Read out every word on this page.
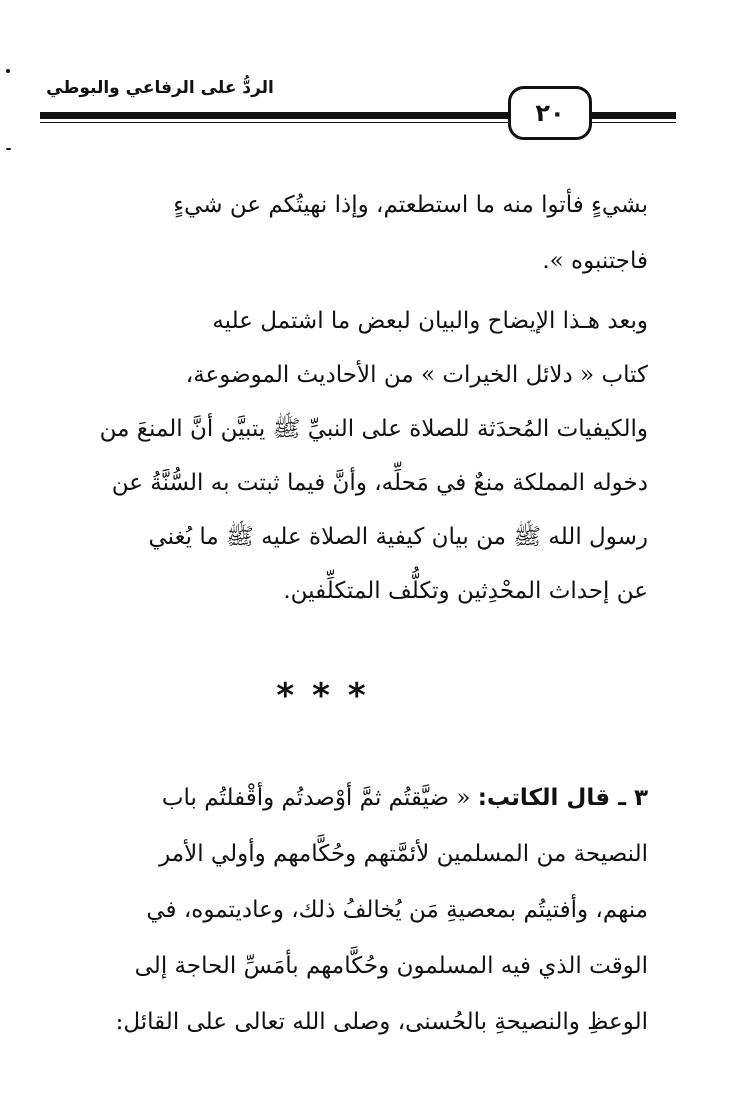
الردُّ على الرفاعي والبوطي
٢٠
بشيءٍ فأتوا منه ما استطعتم، وإذا نهيتُكم عن شيءٍ
فاجتنبوه ».
وبعد هـذا الإيضاح والبيان لبعض ما اشتمل عليه
كتاب « دلائل الخيرات » من الأحاديث الموضوعة،
والكيفيات المُحدَثة للصلاة على النبيِّ ﷺ يتبيَّن أنَّ المنعَ من
دخوله المملكة منعٌ في مَحلِّه، وأنَّ فيما ثبتت به السُّنَّةُ عن
رسول الله ﷺ من بيان كيفية الصلاة عليه ﷺ ما يُغني
عن إحداث المحْدِثين وتكلُّف المتكلِّفين.
***
٣ ـ قال الكاتب: « ضيَّقتُم ثمَّ أوْصدتُم وأقْفلتُم باب
النصيحة من المسلمين لأئمَّتهم وحُكَّامهم وأولي الأمر
منهم، وأفتيتُم بمعصيةِ مَن يُخالفُ ذلك، وعاديتموه، في
الوقت الذي فيه المسلمون وحُكَّامهم بأمَسِّ الحاجة إلى
الوعظِ والنصيحةِ بالحُسنى، وصلى الله تعالى على القائل:
